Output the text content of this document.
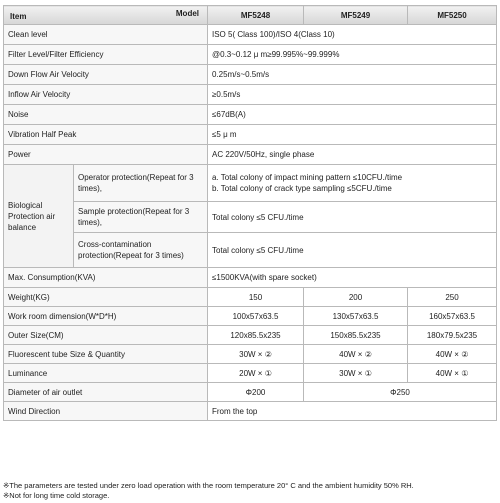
Item Model		MF5248	MF5249	MF5250
Clean level		ISO 5( Class 100)/ISO 4(Class 10)		
Filter Level/Filter Efficiency		@0.3~0.12 μ m≥99.995%~99.999%		
Down Flow Air Velocity		0.25m/s~0.5m/s		
Inflow Air Velocity		≥0.5m/s		
Noise		≤67dB(A)		
Vibration Half Peak		≤5 μ m		
Power		AC 220V/50Hz, single phase		
Biological Protection air balance	Operator protection(Repeat for 3 times),	a. Total colony of impact mining pattern ≤10CFU./time
b. Total colony of crack type sampling ≤5CFU./time		

	Sample protection(Repeat for 3 times),	Total colony ≤5 CFU./time		
	Cross-contamination protection(Repeat for 3 times)	Total colony ≤5 CFU./time		
Max. Consumption(KVA)		≤1500KVA(with spare socket)		
Weight(KG)		150	200	250
Work room dimension(W*D*H)		100x57x63.5	130x57x63.5	160x57x63.5
Outer Size(CM)		120x85.5x235	150x85.5x235	180x79.5x235
Fluorescent tube Size & Quantity		30W × ②	40W × ②	40W × ②
Luminance		20W × ①	30W × ①	40W × ①
Diameter of air outlet		Φ200	Φ250	
Wind Direction		From the top		
※The parameters are tested under zero load operation with the room temperature 20° C and the ambient humidity 50% RH.
※Not for long time cold storage.
